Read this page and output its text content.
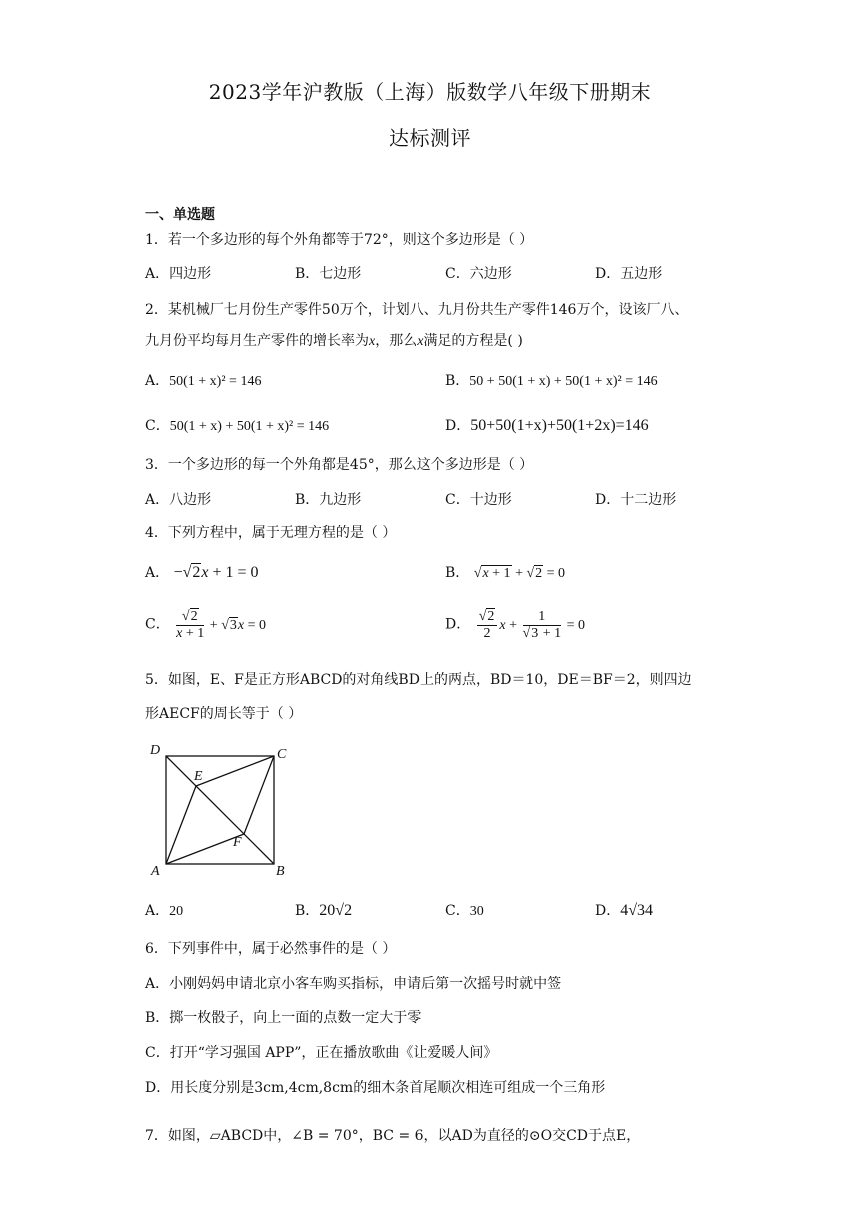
2023学年沪教版（上海）版数学八年级下册期末
达标测评
一、单选题
1．若一个多边形的每个外角都等于72°，则这个多边形是（ ）
A．四边形	B．七边形	C．六边形	D．五边形
2．某机械厂七月份生产零件50万个，计划八、九月份共生产零件146万个，设该厂八、
九月份平均每月生产零件的增长率为x，那么x满足的方程是( )
A．50(1 + x)² = 146	B．50 + 50(1 + x) + 50(1 + x)² = 146
C．50(1 + x) + 50(1 + x)² = 146	D．50+50(1+x)+50(1+2x)=146
3．一个多边形的每一个外角都是45°，那么这个多边形是（ ）
A．八边形	B．九边形	C．十边形	D．十二边形
4．下列方程中，属于无理方程的是（ ）
A． −√2x + 1 = 0	B． √x + 1 + √2 = 0
C． $\frac{√2}{x + 1} + √3x = 0$	D． $\frac{√2}{2}$ $x + \frac{1}{√3 + 1} = 0$
5．如图，E、F是正方形ABCD的对角线BD上的两点，BD＝10，DE＝BF＝2，则四边
形AECF的周长等于（ ）
D	C
E
F
A	B
A．20	B．20√2	C．30	D．4√34
6．下列事件中，属于必然事件的是（ ）
A．小刚妈妈申请北京小客车购买指标，申请后第一次摇号时就中签
B．掷一枚骰子，向上一面的点数一定大于零
C．打开“学习强国 APP”，正在播放歌曲《让爱暖人间》
D．用长度分别是3cm,4cm,8cm的细木条首尾顺次相连可组成一个三角形
7．如图，▱ABCD中，∠B = 70°，BC = 6，以AD为直径的⊙O交CD于点E，
